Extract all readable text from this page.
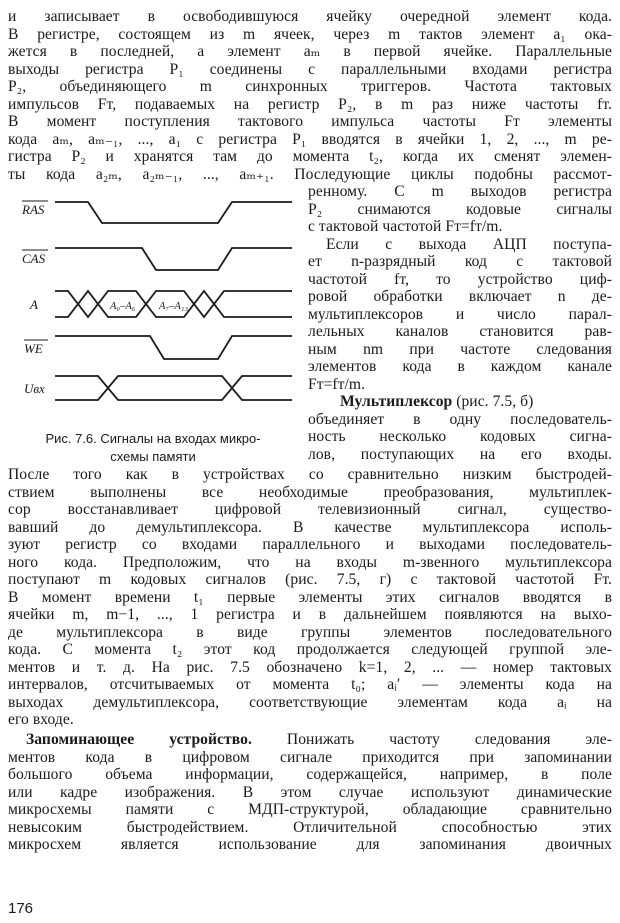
и записывает в освободившуюся ячейку очередной элемент кода.
В регистре, состоящем из m ячеек, через m тактов элемент a₁ ока-
жется в последней, а элемент aₘ в первой ячейке. Параллельные
выходы регистра P₁ соединены с параллельными входами регистра
P₂, объединяющего m синхронных триггеров. Частота тактовых
импульсов Fт, подаваемых на регистр P₂, в m раз ниже частоты fт.
В момент поступления тактового импульса частоты Fт элементы
кода aₘ, aₘ₋₁, ..., a₁ с регистра P₁ вводятся в ячейки 1, 2, ..., m ре-
гистра P₂ и хранятся там до момента t₂, когда их сменят элемен-
ты кода a₂ₘ, a₂ₘ₋₁, ..., aₘ₊₁. Последующие циклы подобны рассмот-
RAS
CAS
A
WE
Uвх
A₀–A₆ A₇–A₁₃
Рис. 7.6. Сигналы на входах микро-
схемы памяти
ренному. С m выходов регистра
P₂ снимаются кодовые сигналы
с тактовой частотой Fт=fт/m.
Если с выхода АЦП поступа-
ет n-разрядный код с тактовой
частотой fт, то устройство циф-
ровой обработки включает n де-
мультиплексоров и число парал-
лельных каналов становится рав-
ным nm при частоте следования
элементов кода в каждом канале
Fт=fт/m.
Мультиплексор (рис. 7.5, б)
объединяет в одну последователь-
ность несколько кодовых сигна-
лов, поступающих на его входы.
После того как в устройствах со сравнительно низким быстродей-
ствием выполнены все необходимые преобразования, мультиплек-
сор восстанавливает цифровой телевизионный сигнал, существо-
вавший до демультиплексора. В качестве мультиплексора исполь-
зуют регистр со входами параллельного и выходами последователь-
ного кода. Предположим, что на входы m-звенного мультиплексора
поступают m кодовых сигналов (рис. 7.5, г) с тактовой частотой Fт.
В момент времени t₁ первые элементы этих сигналов вводятся в
ячейки m, m−1, ..., 1 регистра и в дальнейшем появляются на выхо-
де мультиплексора в виде группы элементов последовательного
кода. С момента t₂ этот код продолжается следующей группой эле-
ментов и т. д. На рис. 7.5 обозначено k=1, 2, ... — номер тактовых
интервалов, отсчитываемых от момента t₀; aᵢ′ — элементы кода на
выходах демультиплексора, соответствующие элементам кода aᵢ на
его входе.
Запоминающее устройство. Понижать частоту следования эле-
ментов кода в цифровом сигнале приходится при запоминании
большого объема информации, содержащейся, например, в поле
или кадре изображения. В этом случае используют динамические
микросхемы памяти с МДП-структурой, обладающие сравнительно
невысоким быстродействием. Отличительной способностью этих
микросхем является использование для запоминания двоичных
176
